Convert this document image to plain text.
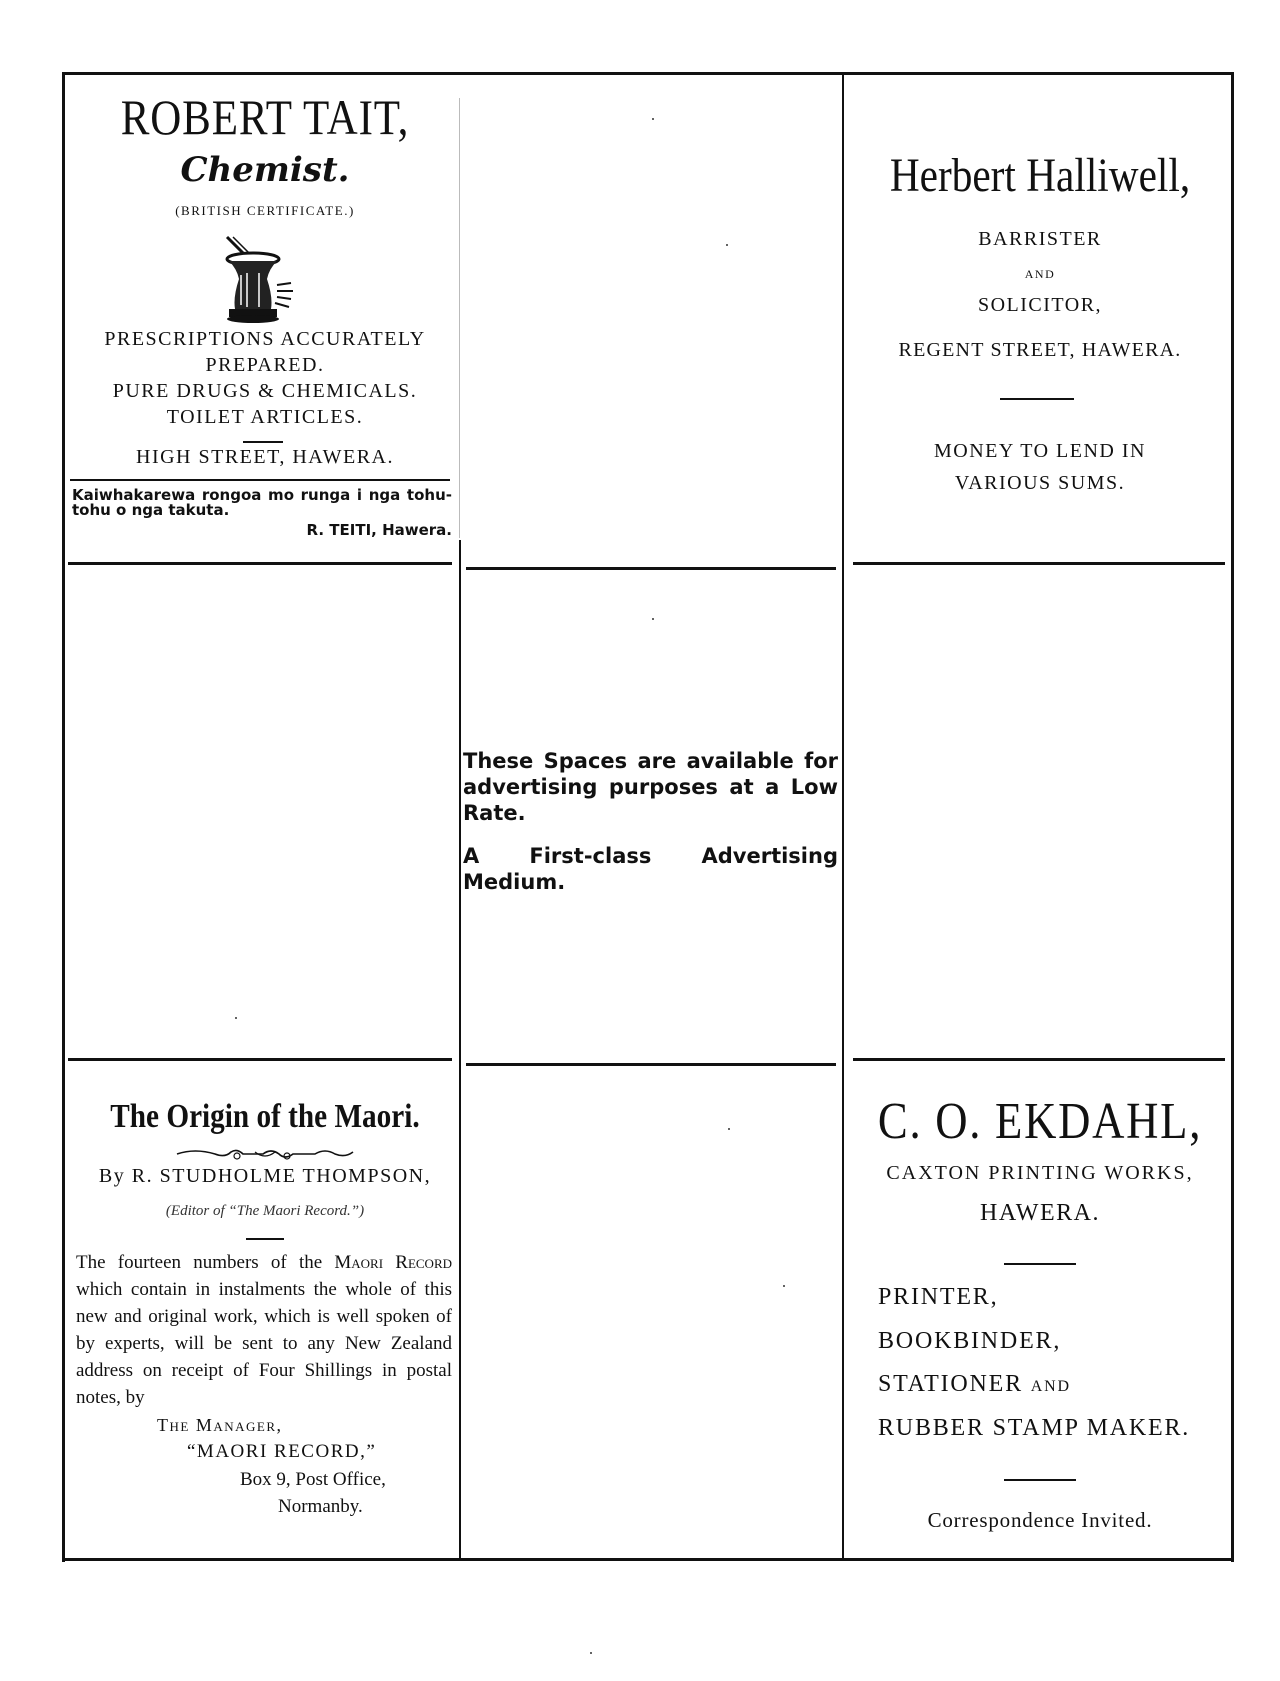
ROBERT TAIT,
Chemist.
(BRITISH CERTIFICATE.)
PRESCRIPTIONS ACCURATELY
PREPARED.
PURE DRUGS & CHEMICALS.
TOILET ARTICLES.
HIGH STREET, HAWERA.
Kaiwhakarewa rongoa mo runga i nga tohu-tohu o nga takuta.
R. TEITI, Hawera.
Herbert Halliwell,
BARRISTER
AND
SOLICITOR,
REGENT STREET, HAWERA.
MONEY TO LEND IN
VARIOUS SUMS.
These Spaces are available for advertising purposes at a Low Rate.
A First-class Advertising Medium.
The Origin of the Maori.
By R. STUDHOLME THOMPSON,
(Editor of “The Maori Record.”)
The fourteen numbers of the Maori Record which contain in instalments the whole of this new and original work, which is well spoken of by experts, will be sent to any New Zealand address on receipt of Four Shillings in postal notes, by
The Manager,
“MAORI RECORD,”
Box 9, Post Office,
Normanby.
C. O. EKDAHL,
CAXTON PRINTING WORKS,
HAWERA.
PRINTER,
BOOKBINDER,
STATIONER AND
RUBBER STAMP MAKER.
Correspondence Invited.
